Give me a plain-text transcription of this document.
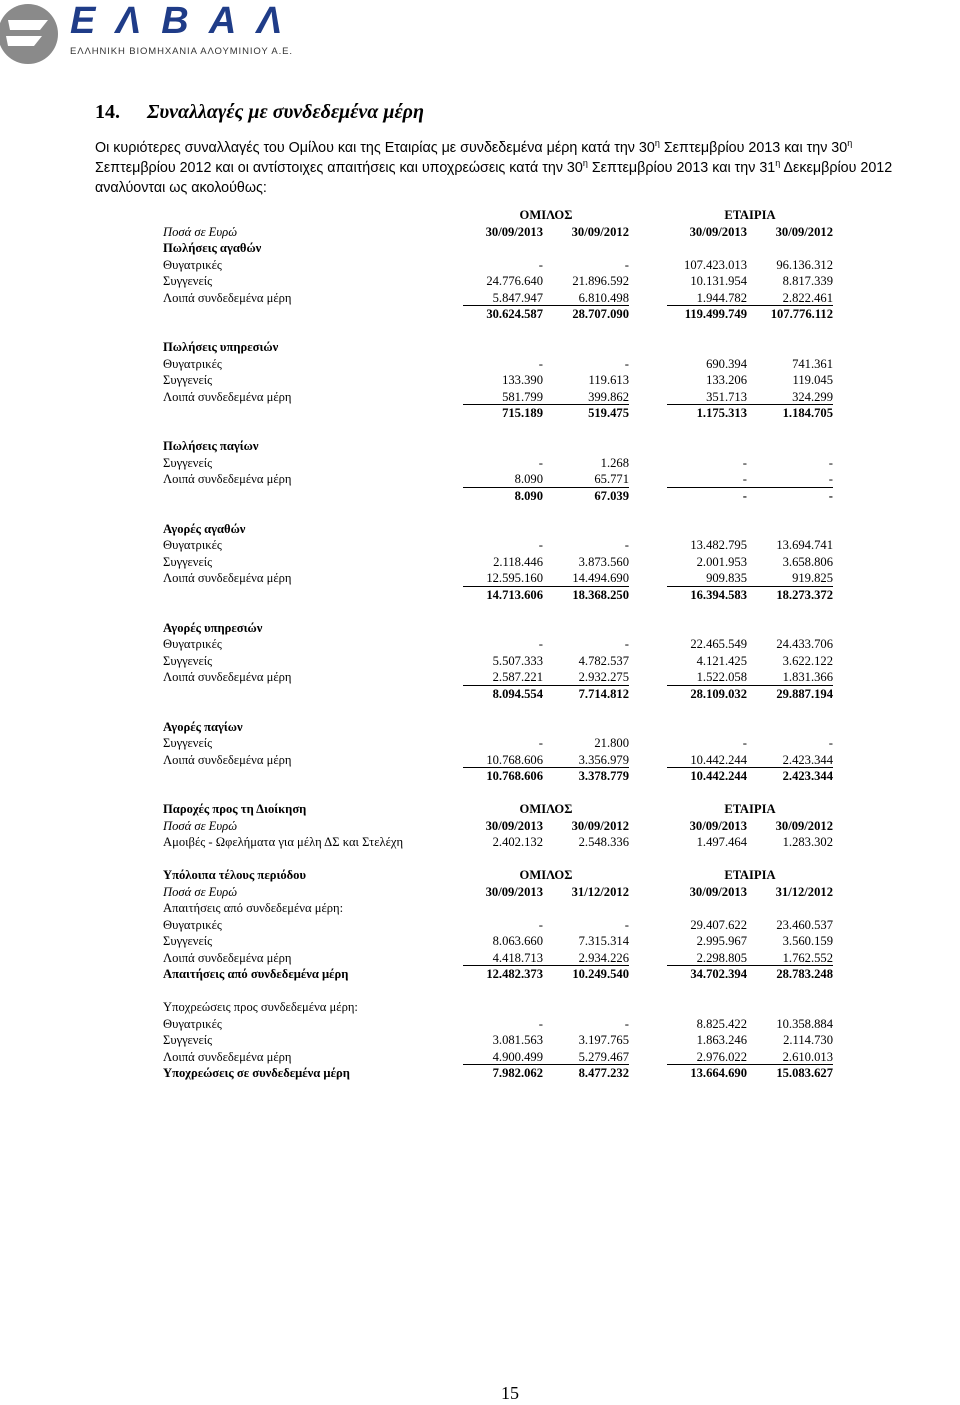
ΕΛΒΑΛ
ΕΛΛΗΝΙΚΗ ΒΙΟΜΗΧΑΝΙΑ ΑΛΟΥΜΙΝΙΟΥ Α.Ε.
14. Συναλλαγές με συνδεδεμένα μέρη

Οι κυριότερες συναλλαγές του Ομίλου και της Εταιρίας με συνδεδεμένα μέρη κατά την $30^\eta$ Σεπτεμβρίου 2013 και την $30^\eta$ Σεπτεμβρίου 2012 και οι αντίστοιχες απαιτήσεις και υποχρεώσεις κατά την $30^\eta$ Σεπτεμβρίου 2013 και την $31^\eta$ Δεκεμβρίου 2012 αναλύονται ως ακολούθως:

ΟΜΙΛΟΣ	ΕΤΑΙΡΙΑ
Ποσά σε Ευρώ	30/09/2013	30/09/2012	30/09/2013	30/09/2012
Πωλήσεις αγαθών
Θυγατρικές	-	-	107.423.013	96.136.312
Συγγενείς	24.776.640	21.896.592	10.131.954	8.817.339
Λοιπά συνδεδεμένα μέρη	5.847.947	6.810.498	1.944.782	2.822.461
30.624.587	28.707.090	119.499.749	107.776.112
Πωλήσεις υπηρεσιών
Θυγατρικές	-	-	690.394	741.361
Συγγενείς	133.390	119.613	133.206	119.045
Λοιπά συνδεδεμένα μέρη	581.799	399.862	351.713	324.299
715.189	519.475	1.175.313	1.184.705
Πωλήσεις παγίων
Συγγενείς	-	1.268	-	-
Λοιπά συνδεδεμένα μέρη	8.090	65.771	-	-
8.090	67.039	-	-
Αγορές αγαθών
Θυγατρικές	-	-	13.482.795	13.694.741
Συγγενείς	2.118.446	3.873.560	2.001.953	3.658.806
Λοιπά συνδεδεμένα μέρη	12.595.160	14.494.690	909.835	919.825
14.713.606	18.368.250	16.394.583	18.273.372
Αγορές υπηρεσιών
Θυγατρικές	-	-	22.465.549	24.433.706
Συγγενείς	5.507.333	4.782.537	4.121.425	3.622.122
Λοιπά συνδεδεμένα μέρη	2.587.221	2.932.275	1.522.058	1.831.366
8.094.554	7.714.812	28.109.032	29.887.194
Αγορές παγίων
Συγγενείς	-	21.800	-	-
Λοιπά συνδεδεμένα μέρη	10.768.606	3.356.979	10.442.244	2.423.344
10.768.606	3.378.779	10.442.244	2.423.344
Παροχές προς τη Διοίκηση	ΟΜΙΛΟΣ	ΕΤΑΙΡΙΑ
Ποσά σε Ευρώ	30/09/2013	30/09/2012	30/09/2013	30/09/2012
Αμοιβές - Ωφελήματα για μέλη ΔΣ και Στελέχη	2.402.132	2.548.336	1.497.464	1.283.302
Υπόλοιπα τέλους περιόδου	ΟΜΙΛΟΣ	ΕΤΑΙΡΙΑ
Ποσά σε Ευρώ	30/09/2013	31/12/2012	30/09/2013	31/12/2012
Απαιτήσεις από συνδεδεμένα μέρη:
Θυγατρικές	-	-	29.407.622	23.460.537
Συγγενείς	8.063.660	7.315.314	2.995.967	3.560.159
Λοιπά συνδεδεμένα μέρη	4.418.713	2.934.226	2.298.805	1.762.552
Απαιτήσεις από συνδεδεμένα μέρη	12.482.373	10.249.540	34.702.394	28.783.248
Υποχρεώσεις προς συνδεδεμένα μέρη:
Θυγατρικές	-	-	8.825.422	10.358.884
Συγγενείς	3.081.563	3.197.765	1.863.246	2.114.730
Λοιπά συνδεδεμένα μέρη	4.900.499	5.279.467	2.976.022	2.610.013
Υποχρεώσεις σε συνδεδεμένα μέρη	7.982.062	8.477.232	13.664.690	15.083.627
15
